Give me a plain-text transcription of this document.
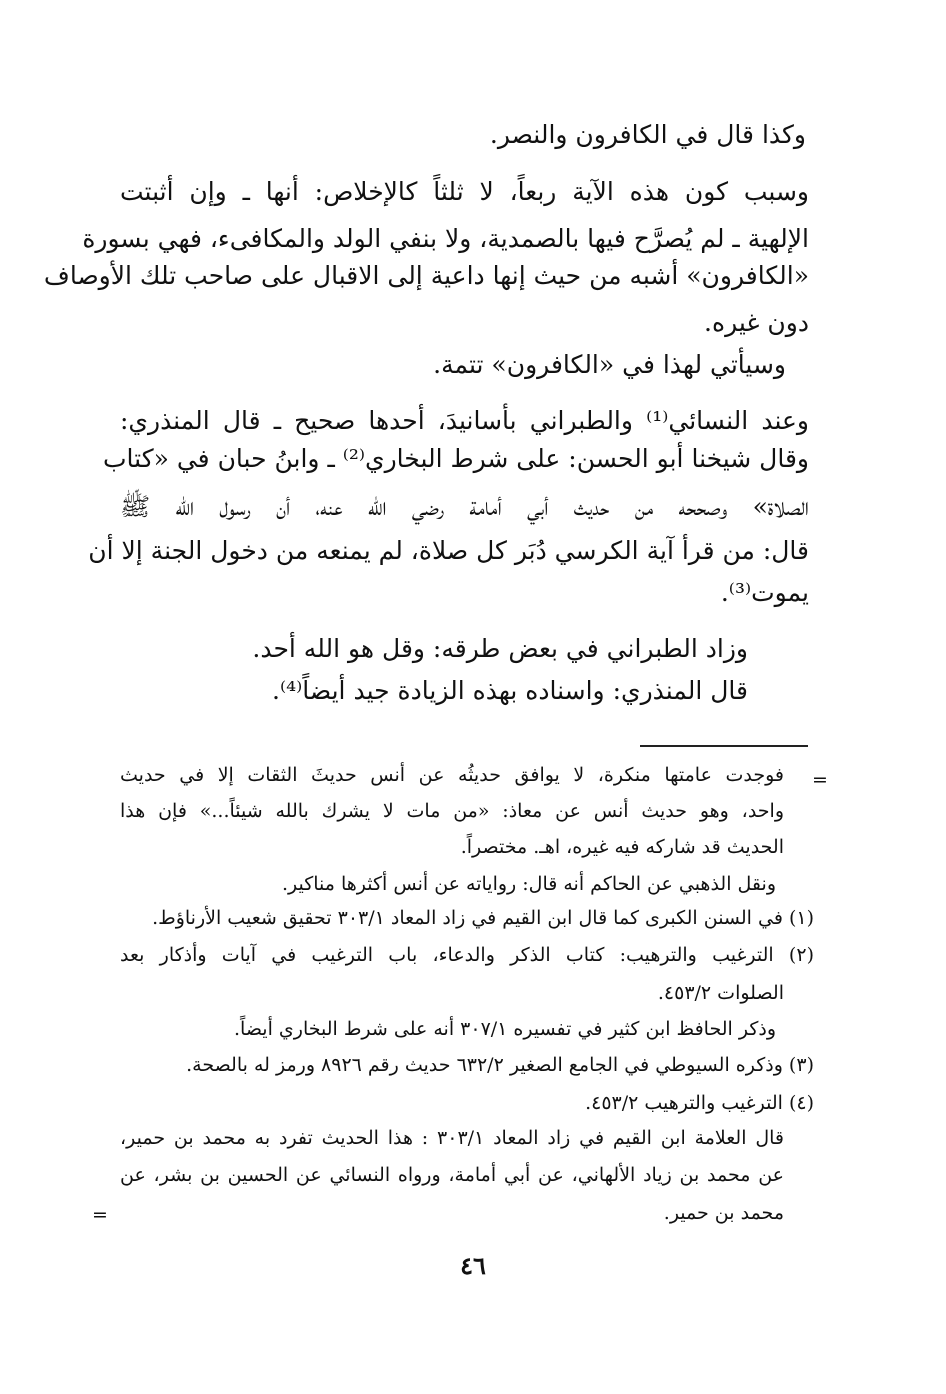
وكذا قال في الكافرون والنصر.
وسبب كون هذه الآية ربعاً، لا ثلثاً كالإخلاص: أنها ـ وإن أثبتت
الإلهية ـ لم يُصرَّح فيها بالصمدية، ولا بنفي الولد والمكافىء، فهي بسورة
«الكافرون» أشبه من حيث إنها داعية إلى الاقبال على صاحب تلك الأوصاف
دون غيره.
وسيأتي لهذا في «الكافرون» تتمة.
وعند النسائي⁽¹⁾ والطبراني بأسانيدَ، أحدها صحيح ـ قال المنذري:
وقال شيخنا أبو الحسن: على شرط البخاري⁽²⁾ ـ وابنُ حبان في «كتاب
الصلاة» وصححه من حديث أبي أمامة رضي الله عنه، أن رسول الله ﷺ
قال: من قرأ آية الكرسي دُبَر كل صلاة، لم يمنعه من دخول الجنة إلا أن
يموت⁽³⁾.
وزاد الطبراني في بعض طرقه: وقل هو الله أحد.
قال المنذري: واسناده بهذه الزيادة جيد أيضاً⁽⁴⁾.
=
فوجدت عامتها منكرة، لا يوافق حديثُه عن أنس حديثَ الثقات إلا في حديث
واحد، وهو حديث أنس عن معاذ: «من مات لا يشرك بالله شيئاً...» فإن هذا
الحديث قد شاركه فيه غيره، اهـ. مختصراً.
ونقل الذهبي عن الحاكم أنه قال: رواياته عن أنس أكثرها مناكير.
(١) في السنن الكبرى كما قال ابن القيم في زاد المعاد ٣٠٣/١ تحقيق شعيب الأرناؤط.
(٢) الترغيب والترهيب: كتاب الذكر والدعاء، باب الترغيب في آيات وأذكار بعد
الصلوات ٤٥٣/٢.
وذكر الحافظ ابن كثير في تفسيره ٣٠٧/١ أنه على شرط البخاري أيضاً.
(٣) وذكره السيوطي في الجامع الصغير ٦٣٢/٢ حديث رقم ٨٩٢٦ ورمز له بالصحة.
(٤) الترغيب والترهيب ٤٥٣/٢.
قال العلامة ابن القيم في زاد المعاد ٣٠٣/١ : هذا الحديث تفرد به محمد بن حمير،
عن محمد بن زياد الألهاني، عن أبي أمامة، ورواه النسائي عن الحسين بن بشر، عن
محمد بن حمير.
=
٤٦
